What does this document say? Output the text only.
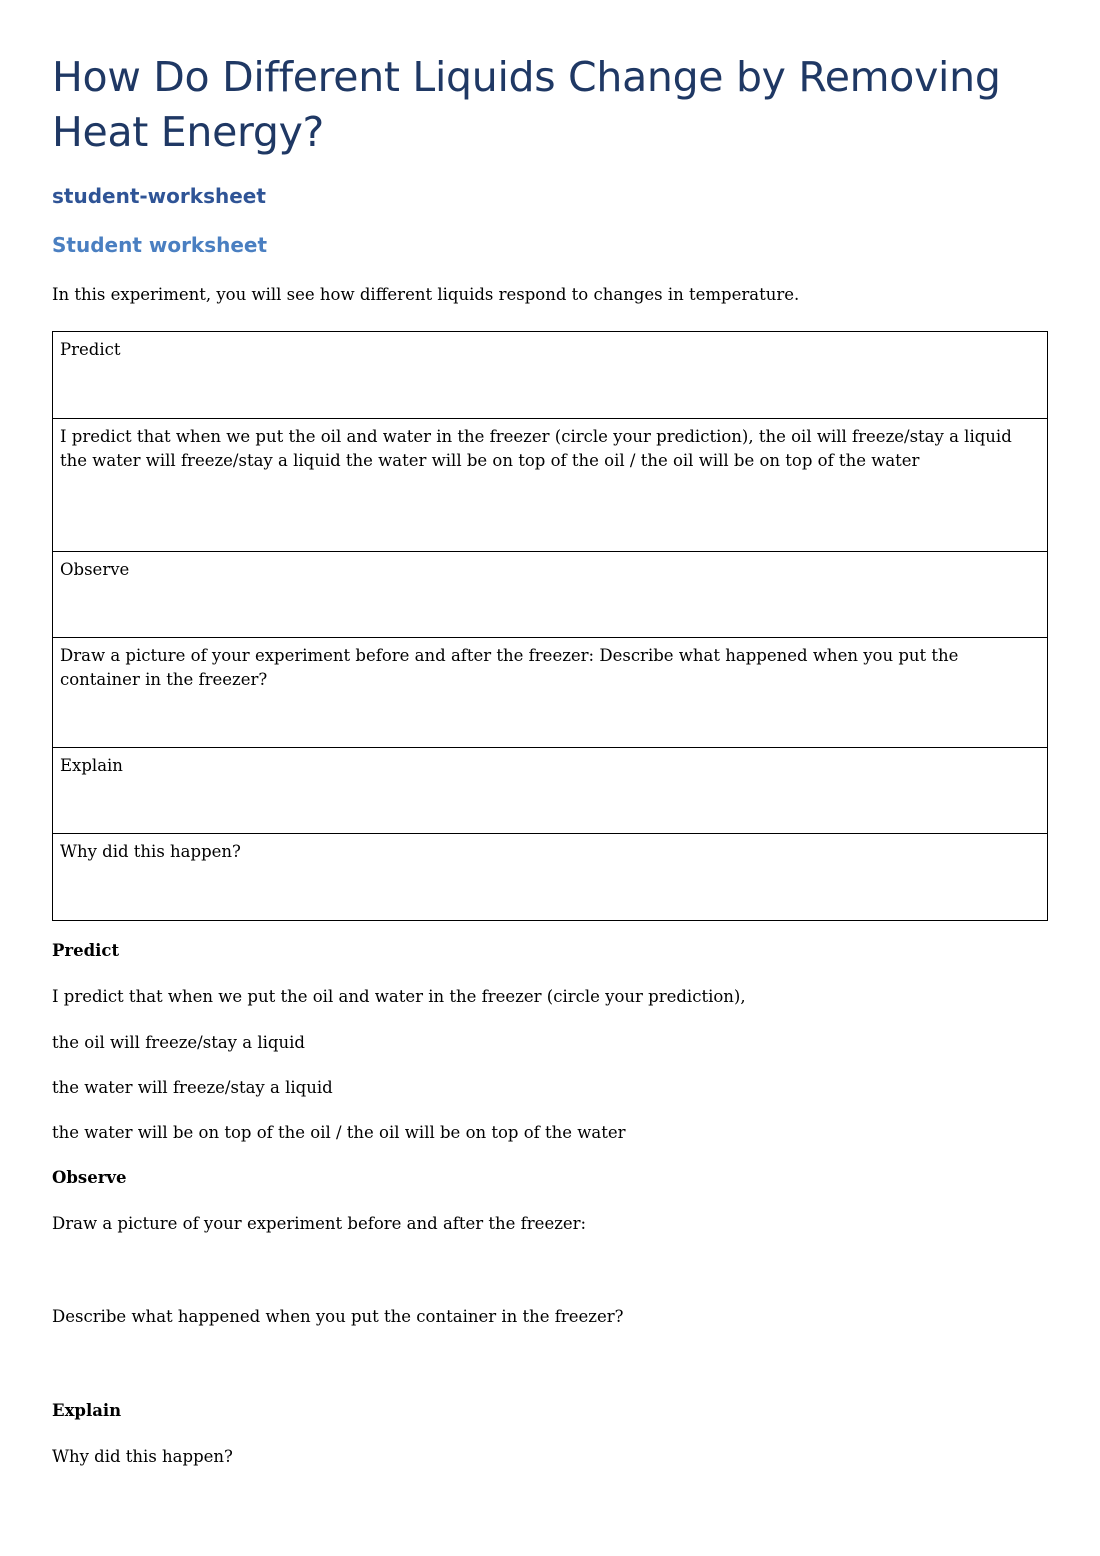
How Do Different Liquids Change by Removing
Heat Energy?
student-worksheet
Student worksheet

In this experiment, you will see how different liquids respond to changes in temperature.

Predict
I predict that when we put the oil and water in the freezer (circle your prediction), the oil will freeze/stay a liquid the water will freeze/stay a liquid the water will be on top of the oil / the oil will be on top of the water
Observe
Draw a picture of your experiment before and after the freezer: Describe what happened when you put the container in the freezer?
Explain
Why did this happen?

Predict

I predict that when we put the oil and water in the freezer (circle your prediction),

the oil will freeze/stay a liquid

the water will freeze/stay a liquid

the water will be on top of the oil / the oil will be on top of the water

Observe

Draw a picture of your experiment before and after the freezer:

Describe what happened when you put the container in the freezer?

Explain

Why did this happen?
